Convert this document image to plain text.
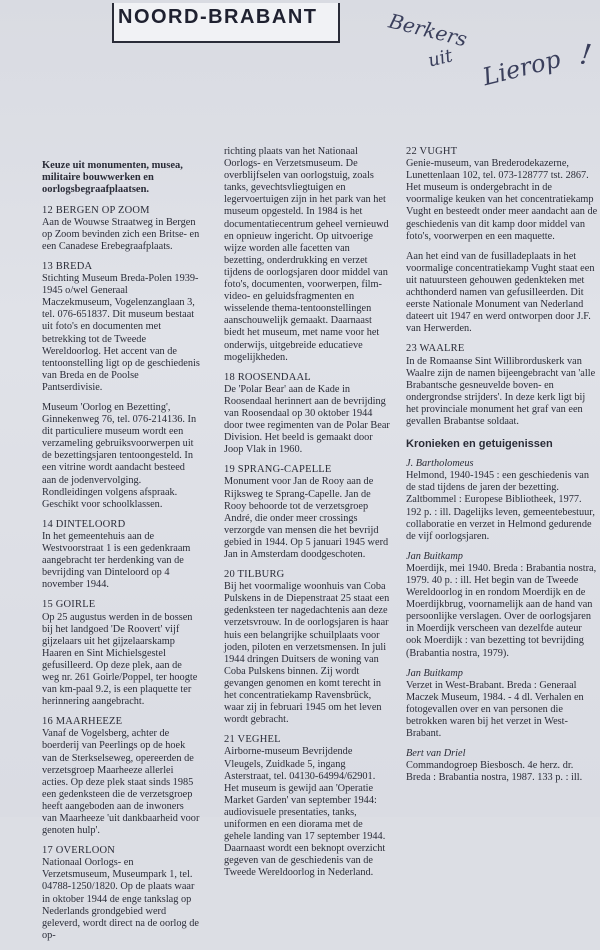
NOORD-BRABANT	Berkers
uit Lierop !
Keuze uit monumenten, musea, militaire bouwwerken en oorlogsbegraafplaatsen.
12 BERGEN OP ZOOM
Aan de Wouwse Straatweg in Bergen op Zoom bevinden zich een Britse- en een Canadese Erebegraafplaats.
13 BREDA
Stichting Museum Breda-Polen 1939-1945 o/wel Generaal Maczekmuseum, Vogelenzanglaan 3, tel. 076-651837. Dit museum bestaat uit foto's en documenten met betrekking tot de Tweede Wereldoorlog. Het accent van de tentoonstelling ligt op de geschiedenis van Breda en de Poolse Pantserdivisie.
Museum 'Oorlog en Bezetting', Ginnekenweg 76, tel. 076-214136. In dit particuliere museum wordt een verzameling gebruiksvoorwerpen uit de bezettingsjaren tentoongesteld. In een vitrine wordt aandacht besteed aan de jodenvervolging. Rondleidingen volgens afspraak. Geschikt voor schoolklassen.
14 DINTELOORD
In het gemeentehuis aan de Westvoorstraat 1 is een gedenkraam aangebracht ter herdenking van de bevrijding van Dinteloord op 4 november 1944.
15 GOIRLE
Op 25 augustus werden in de bossen bij het landgoed 'De Roovert' vijf gijzelaars uit het gijzelaarskamp Haaren en Sint Michielsgestel gefusilleerd. Op deze plek, aan de weg nr. 261 Goirle/Poppel, ter hoogte van km-paal 9.2, is een plaquette ter herinnering aangebracht.
16 MAARHEEZE
Vanaf de Vogelsberg, achter de boerderij van Peerlings op de hoek van de Sterkselseweg, opereerden de verzetsgroep Maarheeze allerlei acties. Op deze plek staat sinds 1985 een gedenksteen die de verzetsgroep heeft aangeboden aan de inwoners van Maarheeze 'uit dankbaarheid voor genoten hulp'.
17 OVERLOON
Nationaal Oorlogs- en Verzetsmuseum, Museumpark 1, tel. 04788-1250/1820. Op de plaats waar in oktober 1944 de enge tankslag op Nederlands grondgebied werd geleverd, wordt direct na de oorlog de op-
richting plaats van het Nationaal Oorlogs- en Verzetsmuseum. De overblijfselen van oorlogstuig, zoals tanks, gevechtsvliegtuigen en legervoertuigen zijn in het park van het museum opgesteld. In 1984 is het documentatiecentrum geheel vernieuwd en opnieuw ingericht. Op uitvoerige wijze worden alle facetten van bezetting, onderdrukking en verzet tijdens de oorlogsjaren door middel van foto's, documenten, voorwerpen, film-video- en geluidsfragmenten en wisselende thema-tentoonstellingen aanschouwelijk gemaakt. Daarnaast biedt het museum, met name voor het onderwijs, uitgebreide educatieve mogelijkheden.
18 ROOSENDAAL
De 'Polar Bear' aan de Kade in Roosendaal herinnert aan de bevrijding van Roosendaal op 30 oktober 1944 door twee regimenten van de Polar Bear Division. Het beeld is gemaakt door Joop Vlak in 1960.
19 SPRANG-CAPELLE
Monument voor Jan de Rooy aan de Rijksweg te Sprang-Capelle. Jan de Rooy behoorde tot de verzetsgroep André, die onder meer crossings verzorgde van mensen die het bevrijd gebied in 1944. Op 5 januari 1945 werd Jan in Amsterdam doodgeschoten.
20 TILBURG
Bij het voormalige woonhuis van Coba Pulskens in de Diepenstraat 25 staat een gedenksteen ter nagedachtenis aan deze verzetsvrouw. In de oorlogsjaren is haar huis een belangrijke schuilplaats voor joden, piloten en verzetsmensen. In juli 1944 dringen Duitsers de woning van Coba Pulskens binnen. Zij wordt gevangen genomen en komt terecht in het concentratiekamp Ravensbrück, waar zij in februari 1945 om het leven wordt gebracht.
21 VEGHEL
Airborne-museum Bevrijdende Vleugels, Zuidkade 5, ingang Asterstraat, tel. 04130-64994/62901. Het museum is gewijd aan 'Operatie Market Garden' van september 1944: audiovisuele presentaties, tanks, uniformen en een diorama met de gehele landing van 17 september 1944. Daarnaast wordt een beknopt overzicht gegeven van de geschiedenis van de Tweede Wereldoorlog in Nederland.
22 VUGHT
Genie-museum, van Brederodekazerne, Lunettenlaan 102, tel. 073-128777 tst. 2867. Het museum is ondergebracht in de voormalige keuken van het concentratiekamp Vught en besteedt onder meer aandacht aan de geschiedenis van dit kamp door middel van foto's, voorwerpen en een maquette.
Aan het eind van de fusilladeplaats in het voormalige concentratiekamp Vught staat een uit natuursteen gehouwen gedenkteken met achthonderd namen van gefusilleerden. Dit eerste Nationale Monument van Nederland dateert uit 1947 en werd ontworpen door J.F. van Herwerden.
23 WAALRE
In de Romaanse Sint Willibrorduskerk van Waalre zijn de namen bijeengebracht van 'alle Brabantsche gesneuvelde boven- en ondergrondse strijders'. In deze kerk ligt bij het provinciale monument het graf van een gevallen Brabantse soldaat.
Kronieken en getuigenissen
J. Bartholomeus
Helmond, 1940-1945 : een geschiedenis van de stad tijdens de jaren der bezetting. Zaltbommel : Europese Bibliotheek, 1977. 192 p. : ill. Dagelijks leven, gemeentebestuur, collaboratie en verzet in Helmond gedurende de vijf oorlogsjaren.
Jan Buitkamp
Moerdijk, mei 1940. Breda : Brabantia nostra, 1979. 40 p. : ill. Het begin van de Tweede Wereldoorlog in en rondom Moerdijk en de Moerdijkbrug, voornamelijk aan de hand van persoonlijke verslagen. Over de oorlogsjaren in Moerdijk verscheen van dezelfde auteur ook Moerdijk : van bezetting tot bevrijding (Brabantia nostra, 1979).
Jan Buitkamp
Verzet in West-Brabant. Breda : Generaal Maczek Museum, 1984. - 4 dl. Verhalen en fotogevallen over en van personen die betrokken waren bij het verzet in West-Brabant.
Bert van Driel
Commandogroep Biesbosch. 4e herz. dr. Breda : Brabantia nostra, 1987. 133 p. : ill.
